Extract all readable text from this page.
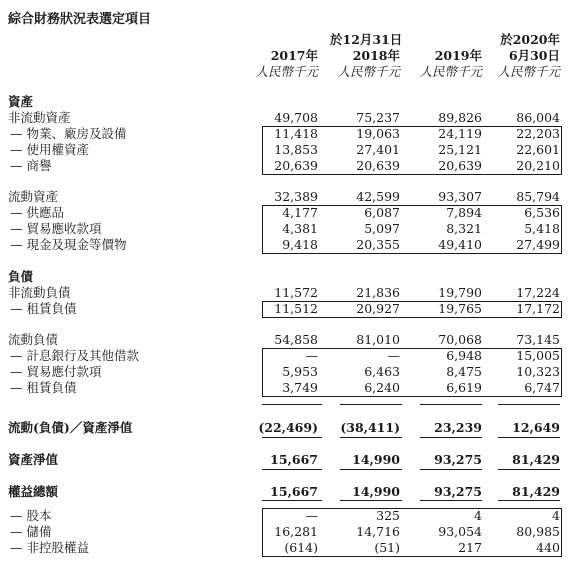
綜合財務狀況表選定項目
於12月31日	於2020年
2017年	2018年	2019年	6月30日
人民幣千元	人民幣千元	人民幣千元	人民幣千元
資產
非流動資產	49,708	75,237	89,826	86,004
— 物業、廠房及設備	11,418	19,063	24,119	22,203
— 使用權資產	13,853	27,401	25,121	22,601
— 商譽	20,639	20,639	20,639	20,210
流動資產	32,389	42,599	93,307	85,794
— 供應品	4,177	6,087	7,894	6,536
— 貿易應收款項	4,381	5,097	8,321	5,418
— 現金及現金等價物	9,418	20,355	49,410	27,499
負債
非流動負債	11,572	21,836	19,790	17,224
— 租賃負債	11,512	20,927	19,765	17,172
流動負債	54,858	81,010	70,068	73,145
— 計息銀行及其他借款	—	—	6,948	15,005
— 貿易應付款項	5,953	6,463	8,475	10,323
— 租賃負債	3,749	6,240	6,619	6,747
流動(負債)／資產淨值	(22,469)	(38,411)	23,239	12,649
資產淨值	15,667	14,990	93,275	81,429
權益總額	15,667	14,990	93,275	81,429
— 股本	—	325	4	4
— 儲備	16,281	14,716	93,054	80,985
— 非控股權益	(614)	(51)	217	440
